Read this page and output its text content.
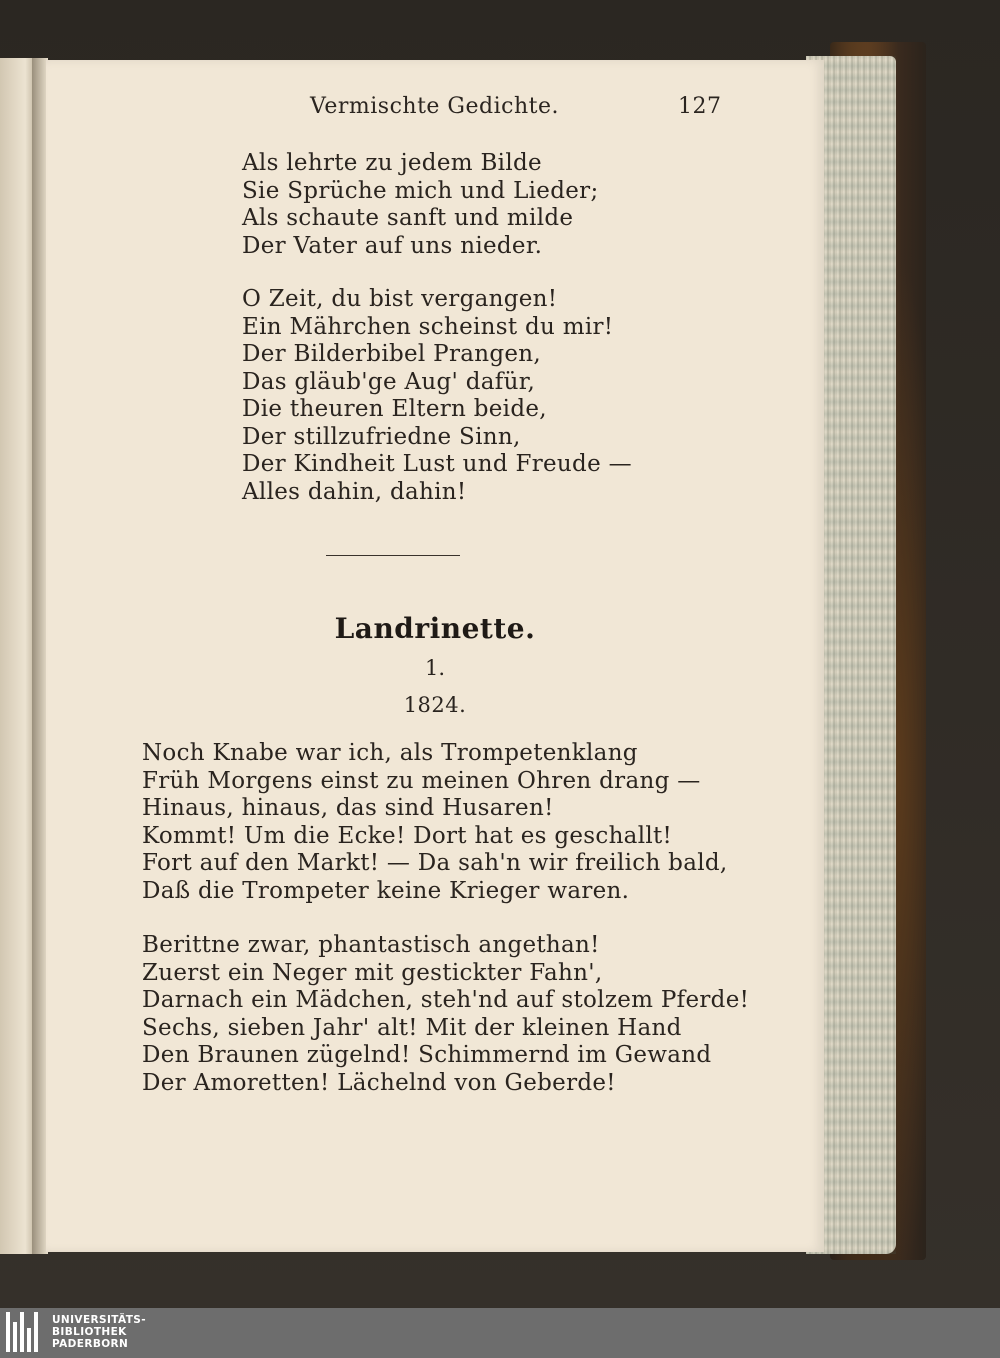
Vermischte Gedichte.	127
Als lehrte zu jedem Bilde
Sie Sprüche mich und Lieder;
Als schaute sanft und milde
Der Vater auf uns nieder.
O Zeit, du bist vergangen!
Ein Mährchen scheinst du mir!
Der Bilderbibel Prangen,
Das gläub'ge Aug' dafür,
Die theuren Eltern beide,
Der stillzufriedne Sinn,
Der Kindheit Lust und Freude —
Alles dahin, dahin!
Landrinette.
1.
1824.
Noch Knabe war ich, als Trompetenklang
Früh Morgens einst zu meinen Ohren drang —
Hinaus, hinaus, das sind Husaren!
Kommt! Um die Ecke! Dort hat es geschallt!
Fort auf den Markt! — Da sah'n wir freilich bald,
Daß die Trompeter keine Krieger waren.
Berittne zwar, phantastisch angethan!
Zuerst ein Neger mit gestickter Fahn',
Darnach ein Mädchen, steh'nd auf stolzem Pferde!
Sechs, sieben Jahr' alt! Mit der kleinen Hand
Den Braunen zügelnd! Schimmernd im Gewand
Der Amoretten! Lächelnd von Geberde!
UNIVERSITÄTS-
BIBLIOTHEK
PADERBORN
